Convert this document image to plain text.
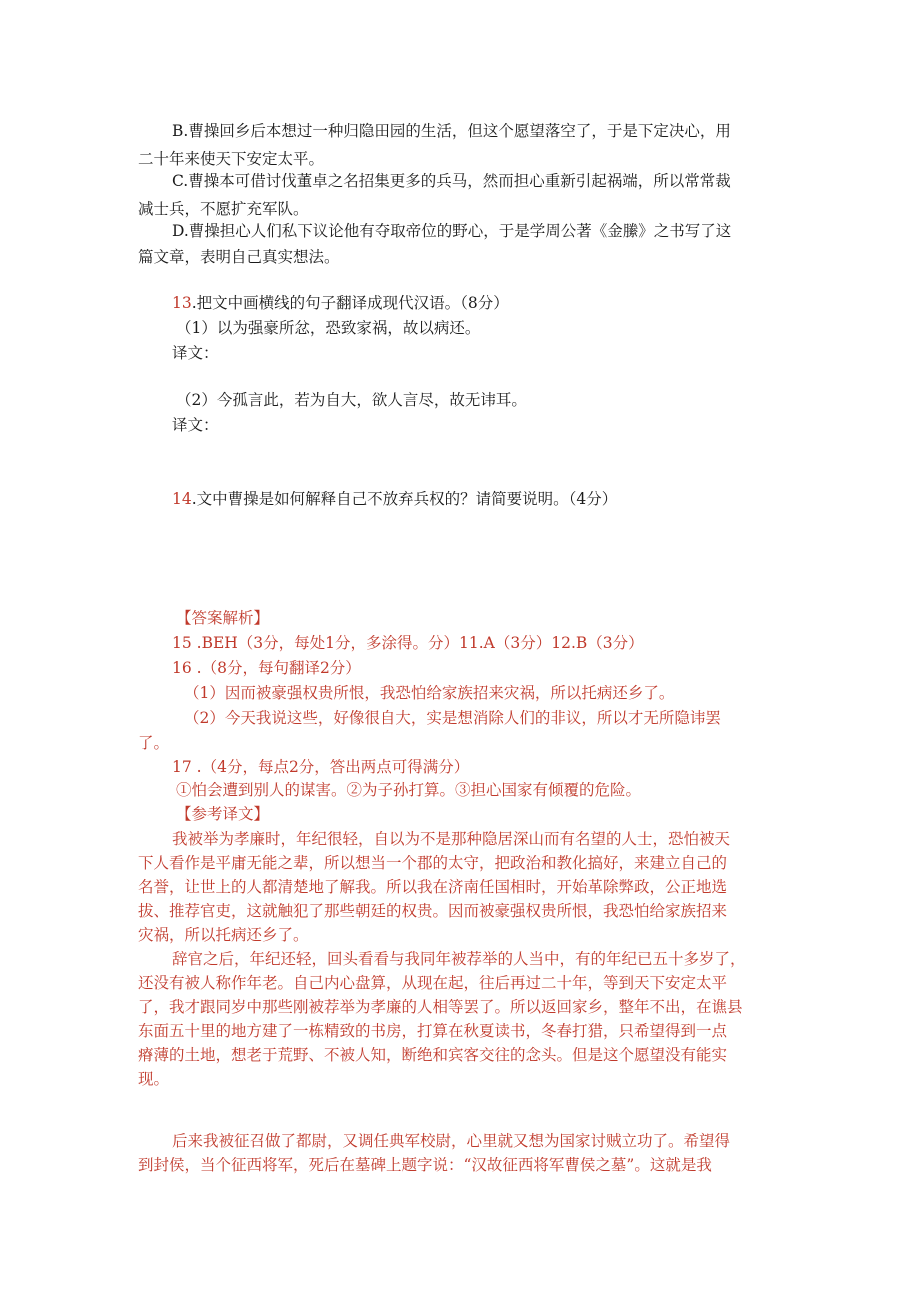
B.曹操回乡后本想过一种归隐田园的生活，但这个愿望落空了，于是下定决心，用

二十年来使天下安定太平。

C.曹操本可借讨伐董卓之名招集更多的兵马，然而担心重新引起祸端，所以常常裁

减士兵，不愿扩充军队。

D.曹操担心人们私下议论他有夺取帝位的野心，于是学周公著《金縢》之书写了这

篇文章，表明自己真实想法。

13.把文中画横线的句子翻译成现代汉语。（8分）

（1）以为强豪所忿，恐致家祸，故以病还。

译文：

（2）今孤言此，若为自大，欲人言尽，故无讳耳。

译文：

14.文中曹操是如何解释自己不放弃兵权的？请简要说明。（4分）

【答案解析】

15 .BEH（3分，每处1分，多涂得。分）11.A（3分）12.B（3分）

16 .（8分，每句翻译2分）

（1）因而被豪强权贵所恨，我恐怕给家族招来灾祸，所以托病还乡了。

（2）今天我说这些，好像很自大，实是想消除人们的非议，所以才无所隐讳罢

了。

17 .（4分，每点2分，答出两点可得满分）

①怕会遭到别人的谋害。②为子孙打算。③担心国家有倾覆的危险。

【参考译文】

我被举为孝廉时，年纪很轻，自以为不是那种隐居深山而有名望的人士，恐怕被天

下人看作是平庸无能之辈，所以想当一个郡的太守，把政治和教化搞好，来建立自己的

名誉，让世上的人都清楚地了解我。所以我在济南任国相时，开始革除弊政，公正地选

拔、推荐官吏，这就触犯了那些朝廷的权贵。因而被豪强权贵所恨，我恐怕给家族招来

灾祸，所以托病还乡了。

辞官之后，年纪还轻，回头看看与我同年被荐举的人当中，有的年纪已五十多岁了，

还没有被人称作年老。自己内心盘算，从现在起，往后再过二十年，等到天下安定太平

了，我才跟同岁中那些刚被荐举为孝廉的人相等罢了。所以返回家乡，整年不出，在谯县

东面五十里的地方建了一栋精致的书房，打算在秋夏读书，冬春打猎，只希望得到一点

瘠薄的土地，想老于荒野、不被人知，断绝和宾客交往的念头。但是这个愿望没有能实

现。

后来我被征召做了都尉，又调任典军校尉，心里就又想为国家讨贼立功了。希望得

到封侯，当个征西将军，死后在墓碑上题字说：“汉故征西将军曹侯之墓”。这就是我
